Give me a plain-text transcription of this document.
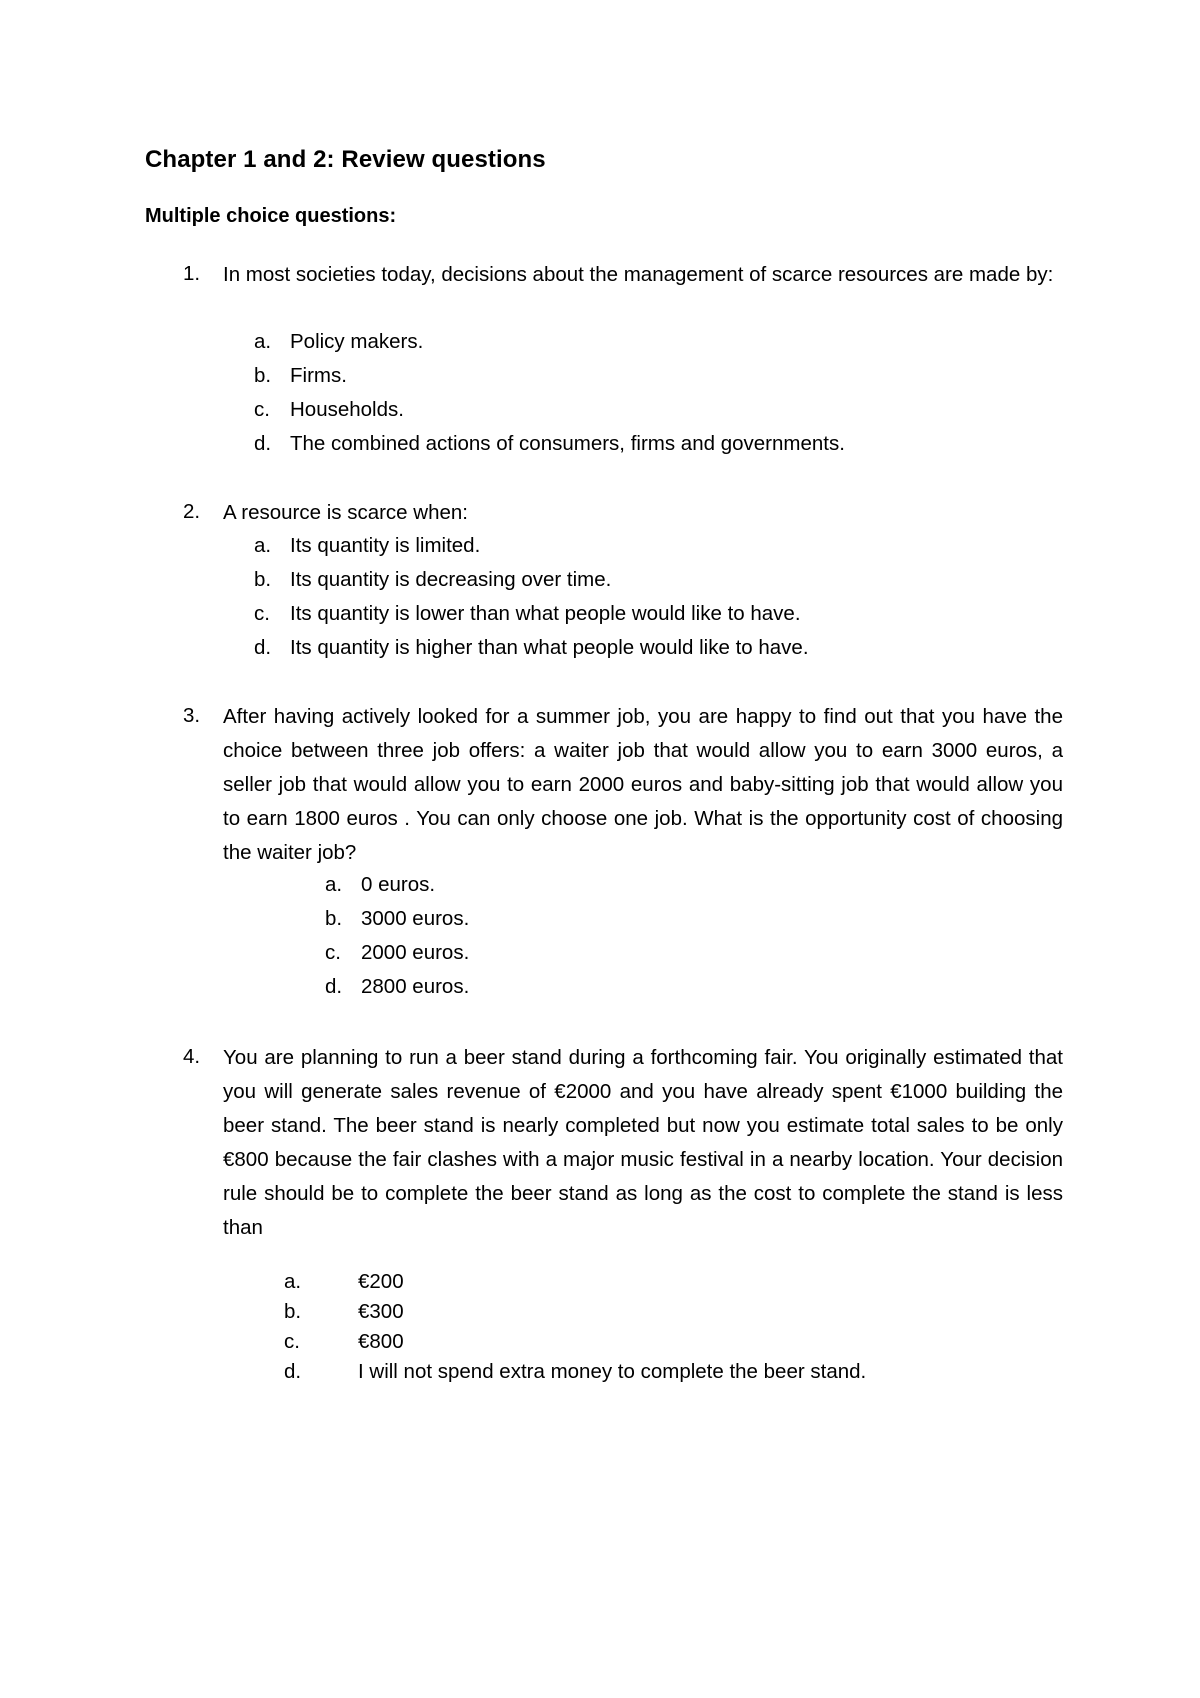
Chapter 1 and 2: Review questions
Multiple choice questions:
1. In most societies today, decisions about the management of scarce resources are made by:
a. Policy makers.
b. Firms.
c. Households.
d. The combined actions of consumers, firms and governments.
2. A resource is scarce when:
a. Its quantity is limited.
b. Its quantity is decreasing over time.
c. Its quantity is lower than what people would like to have.
d. Its quantity is higher than what people would like to have.
3. After having actively looked for a summer job, you are happy to find out that you have the choice between three job offers: a waiter job that would allow you to earn 3000 euros, a seller job that would allow you to earn 2000 euros and baby-sitting job that would allow you to earn 1800 euros . You can only choose one job. What is the opportunity cost of choosing the waiter job?
a. 0 euros.
b. 3000 euros.
c. 2000 euros.
d. 2800 euros.
4. You are planning to run a beer stand during a forthcoming fair. You originally estimated that you will generate sales revenue of €2000 and you have already spent €1000 building the beer stand. The beer stand is nearly completed but now you estimate total sales to be only €800 because the fair clashes with a major music festival in a nearby location. Your decision rule should be to complete the beer stand as long as the cost to complete the stand is less than
a.	€200
b.	€300
c.	€800
d.	I will not spend extra money to complete the beer stand.
